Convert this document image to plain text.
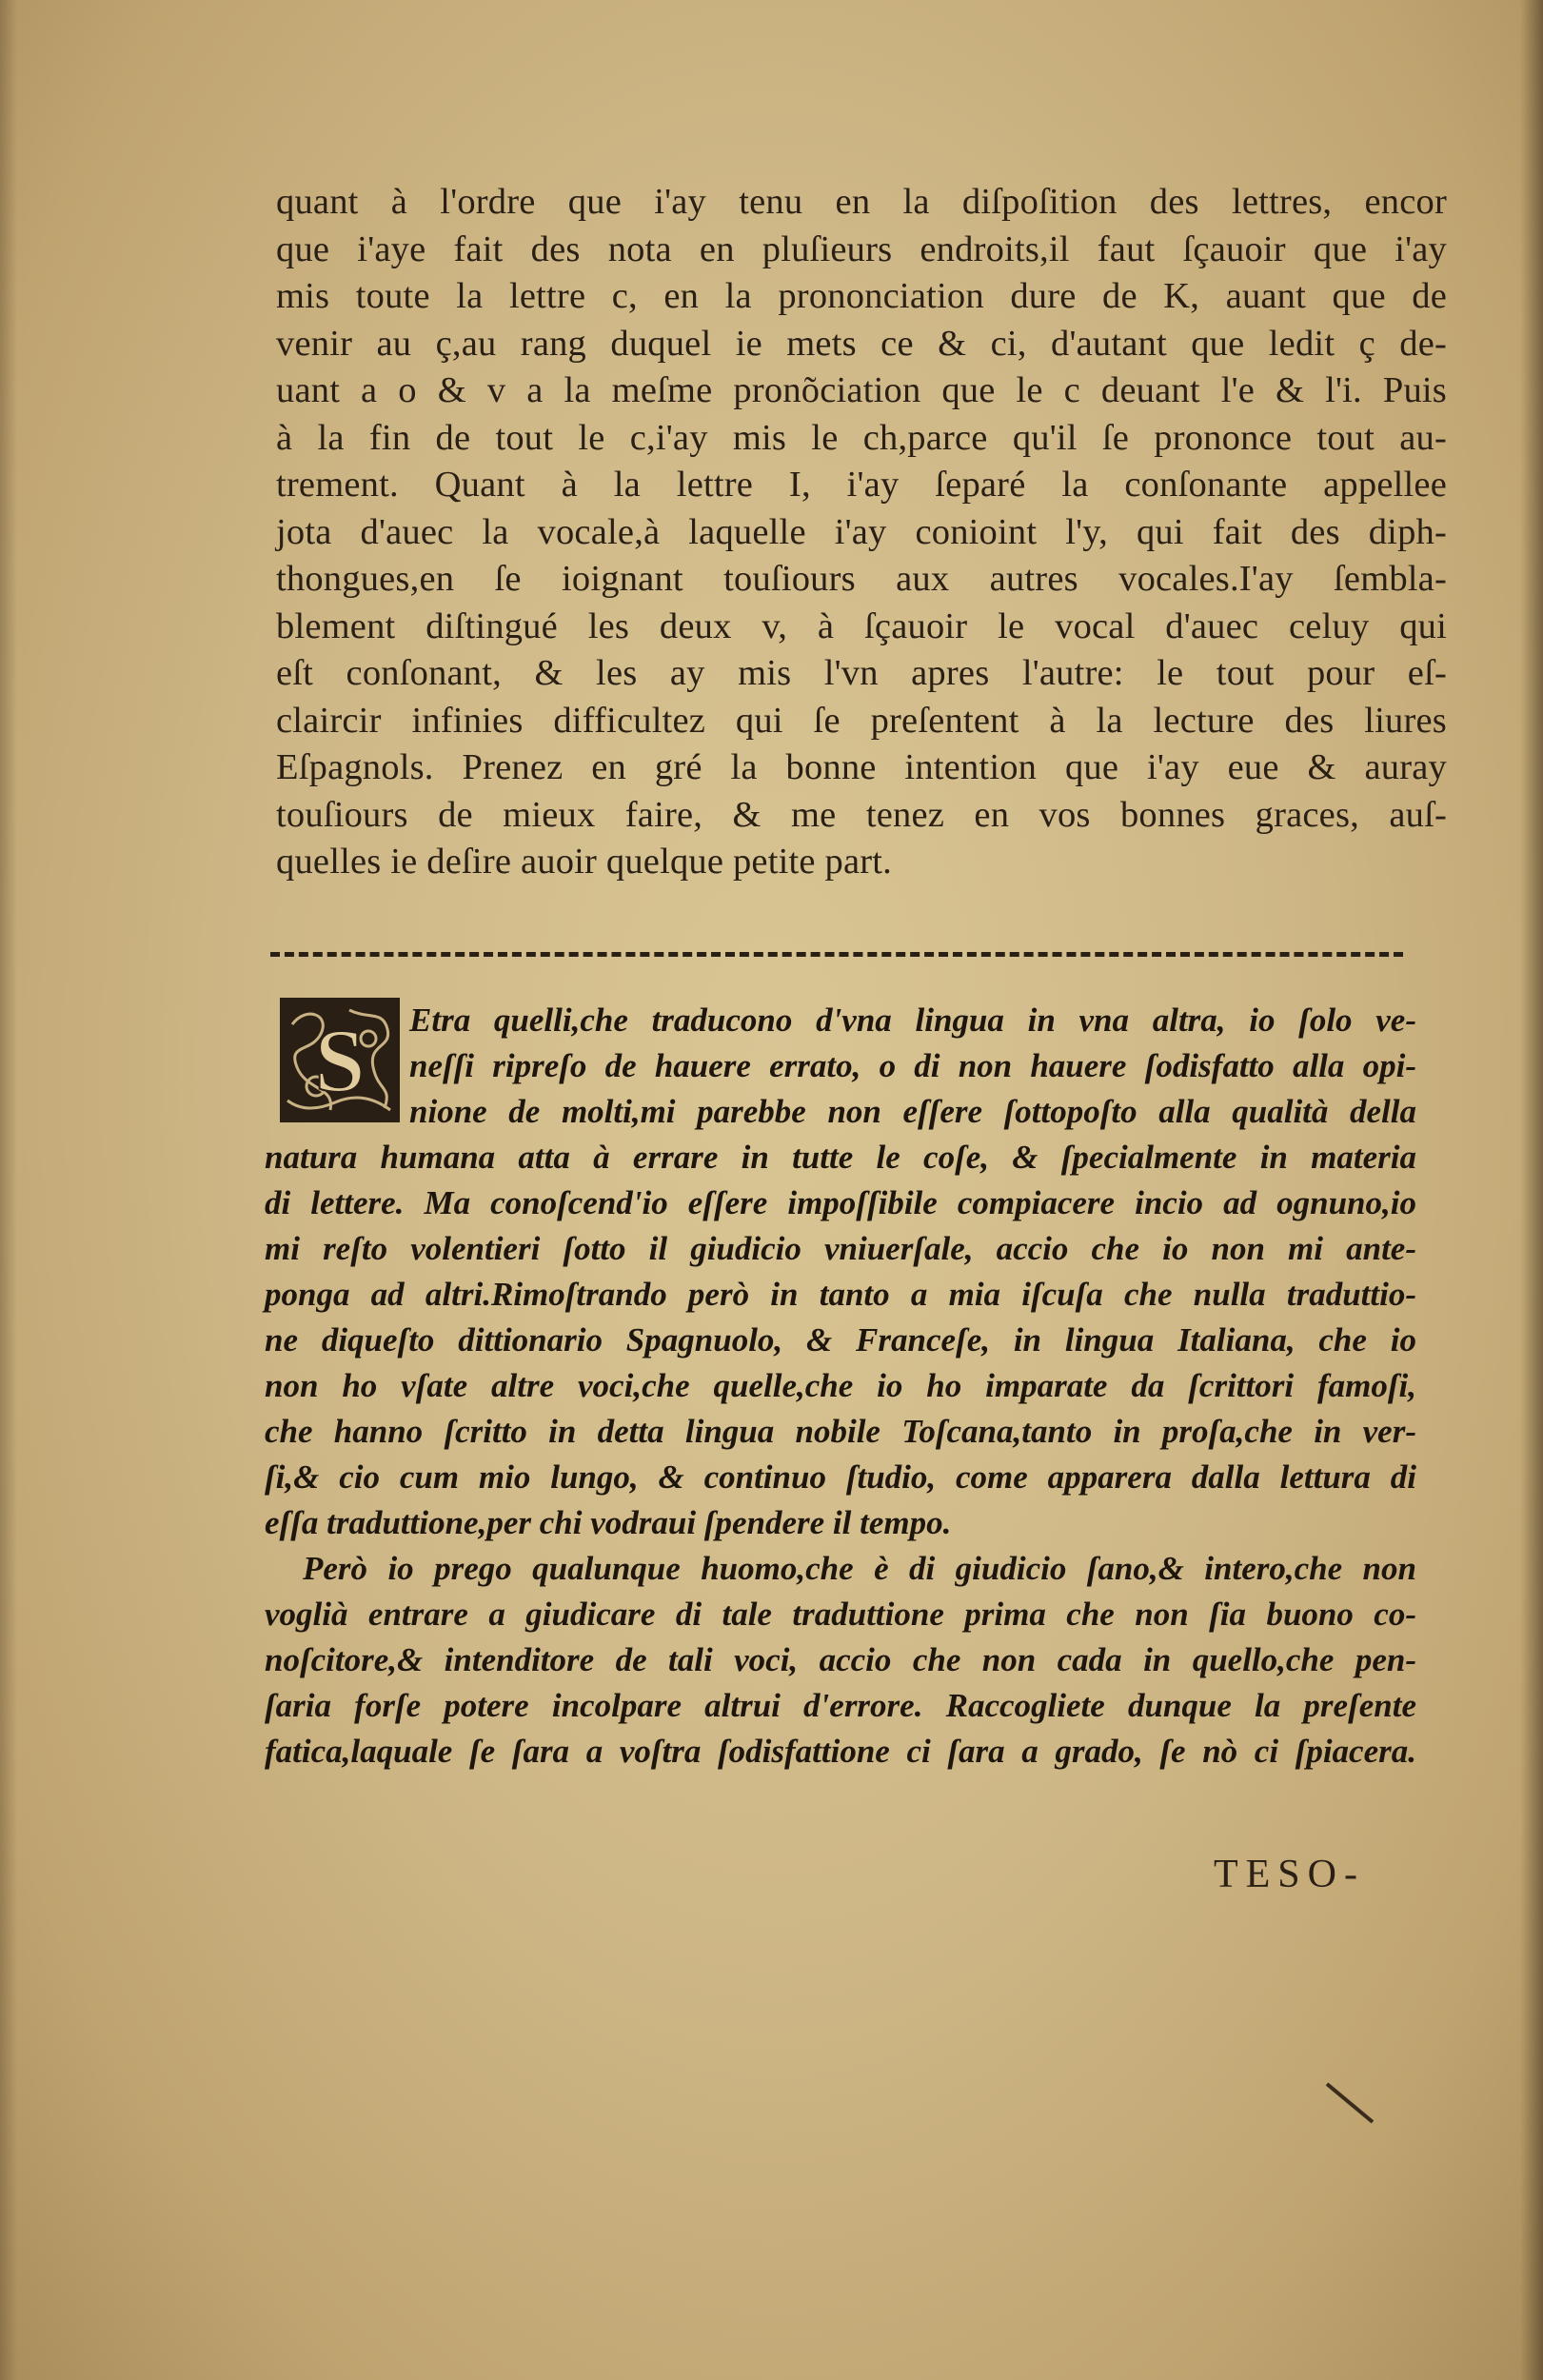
quant à l'ordre que i'ay tenu en la diſpoſition des lettres, encor
que i'aye fait des nota en pluſieurs endroits,il faut ſçauoir que i'ay
mis toute la lettre c, en la prononciation dure de K, auant que de
venir au ç,au rang duquel ie mets ce & ci, d'autant que ledit ç de-
uant a o & v a la meſme pronõciation que le c deuant l'e & l'i. Puis
à la fin de tout le c,i'ay mis le ch,parce qu'il ſe prononce tout au-
trement. Quant à la lettre I, i'ay ſeparé la conſonante appellee
jota d'auec la vocale,à laquelle i'ay conioint l'y, qui fait des diph-
thongues,en ſe ioignant touſiours aux autres vocales.I'ay ſembla-
blement diſtingué les deux v, à ſçauoir le vocal d'auec celuy qui
eſt conſonant, & les ay mis l'vn apres l'autre: le tout pour eſ-
claircir infinies difficultez qui ſe preſentent à la lecture des liures
Eſpagnols. Prenez en gré la bonne intention que i'ay eue & auray
touſiours de mieux faire, & me tenez en vos bonnes graces, auſ-
quelles ie deſire auoir quelque petite part.
S	Etra quelli,che traducono d'vna lingua in vna altra, io ſolo ve-
neſſi ripreſo de hauere errato, o di non hauere ſodisfatto alla opi-
nione de molti,mi parebbe non eſſere ſottopoſto alla qualità della
natura humana atta à errare in tutte le coſe, & ſpecialmente in materia
di lettere. Ma conoſcend'io eſſere impoſſibile compiacere incio ad ognuno,io
mi reſto volentieri ſotto il giudicio vniuerſale, accio che io non mi ante-
ponga ad altri.Rimoſtrando però in tanto a mia iſcuſa che nulla traduttio-
ne diqueſto dittionario Spagnuolo, & Franceſe, in lingua Italiana, che io
non ho vſate altre voci,che quelle,che io ho imparate da ſcrittori famoſi,
che hanno ſcritto in detta lingua nobile Toſcana,tanto in proſa,che in ver-
ſi,& cio cum mio lungo, & continuo ſtudio, come apparera dalla lettura di
eſſa traduttione,per chi vodraui ſpendere il tempo.
Però io prego qualunque huomo,che è di giudicio ſano,& intero,che non
voglià entrare a giudicare di tale traduttione prima che non ſia buono co-
noſcitore,& intenditore de tali voci, accio che non cada in quello,che pen-
ſaria forſe potere incolpare altrui d'errore. Raccogliete dunque la preſente
fatica,laquale ſe ſara a voſtra ſodisfattione ci ſara a grado, ſe nò ci ſpiacera.
TESO-
